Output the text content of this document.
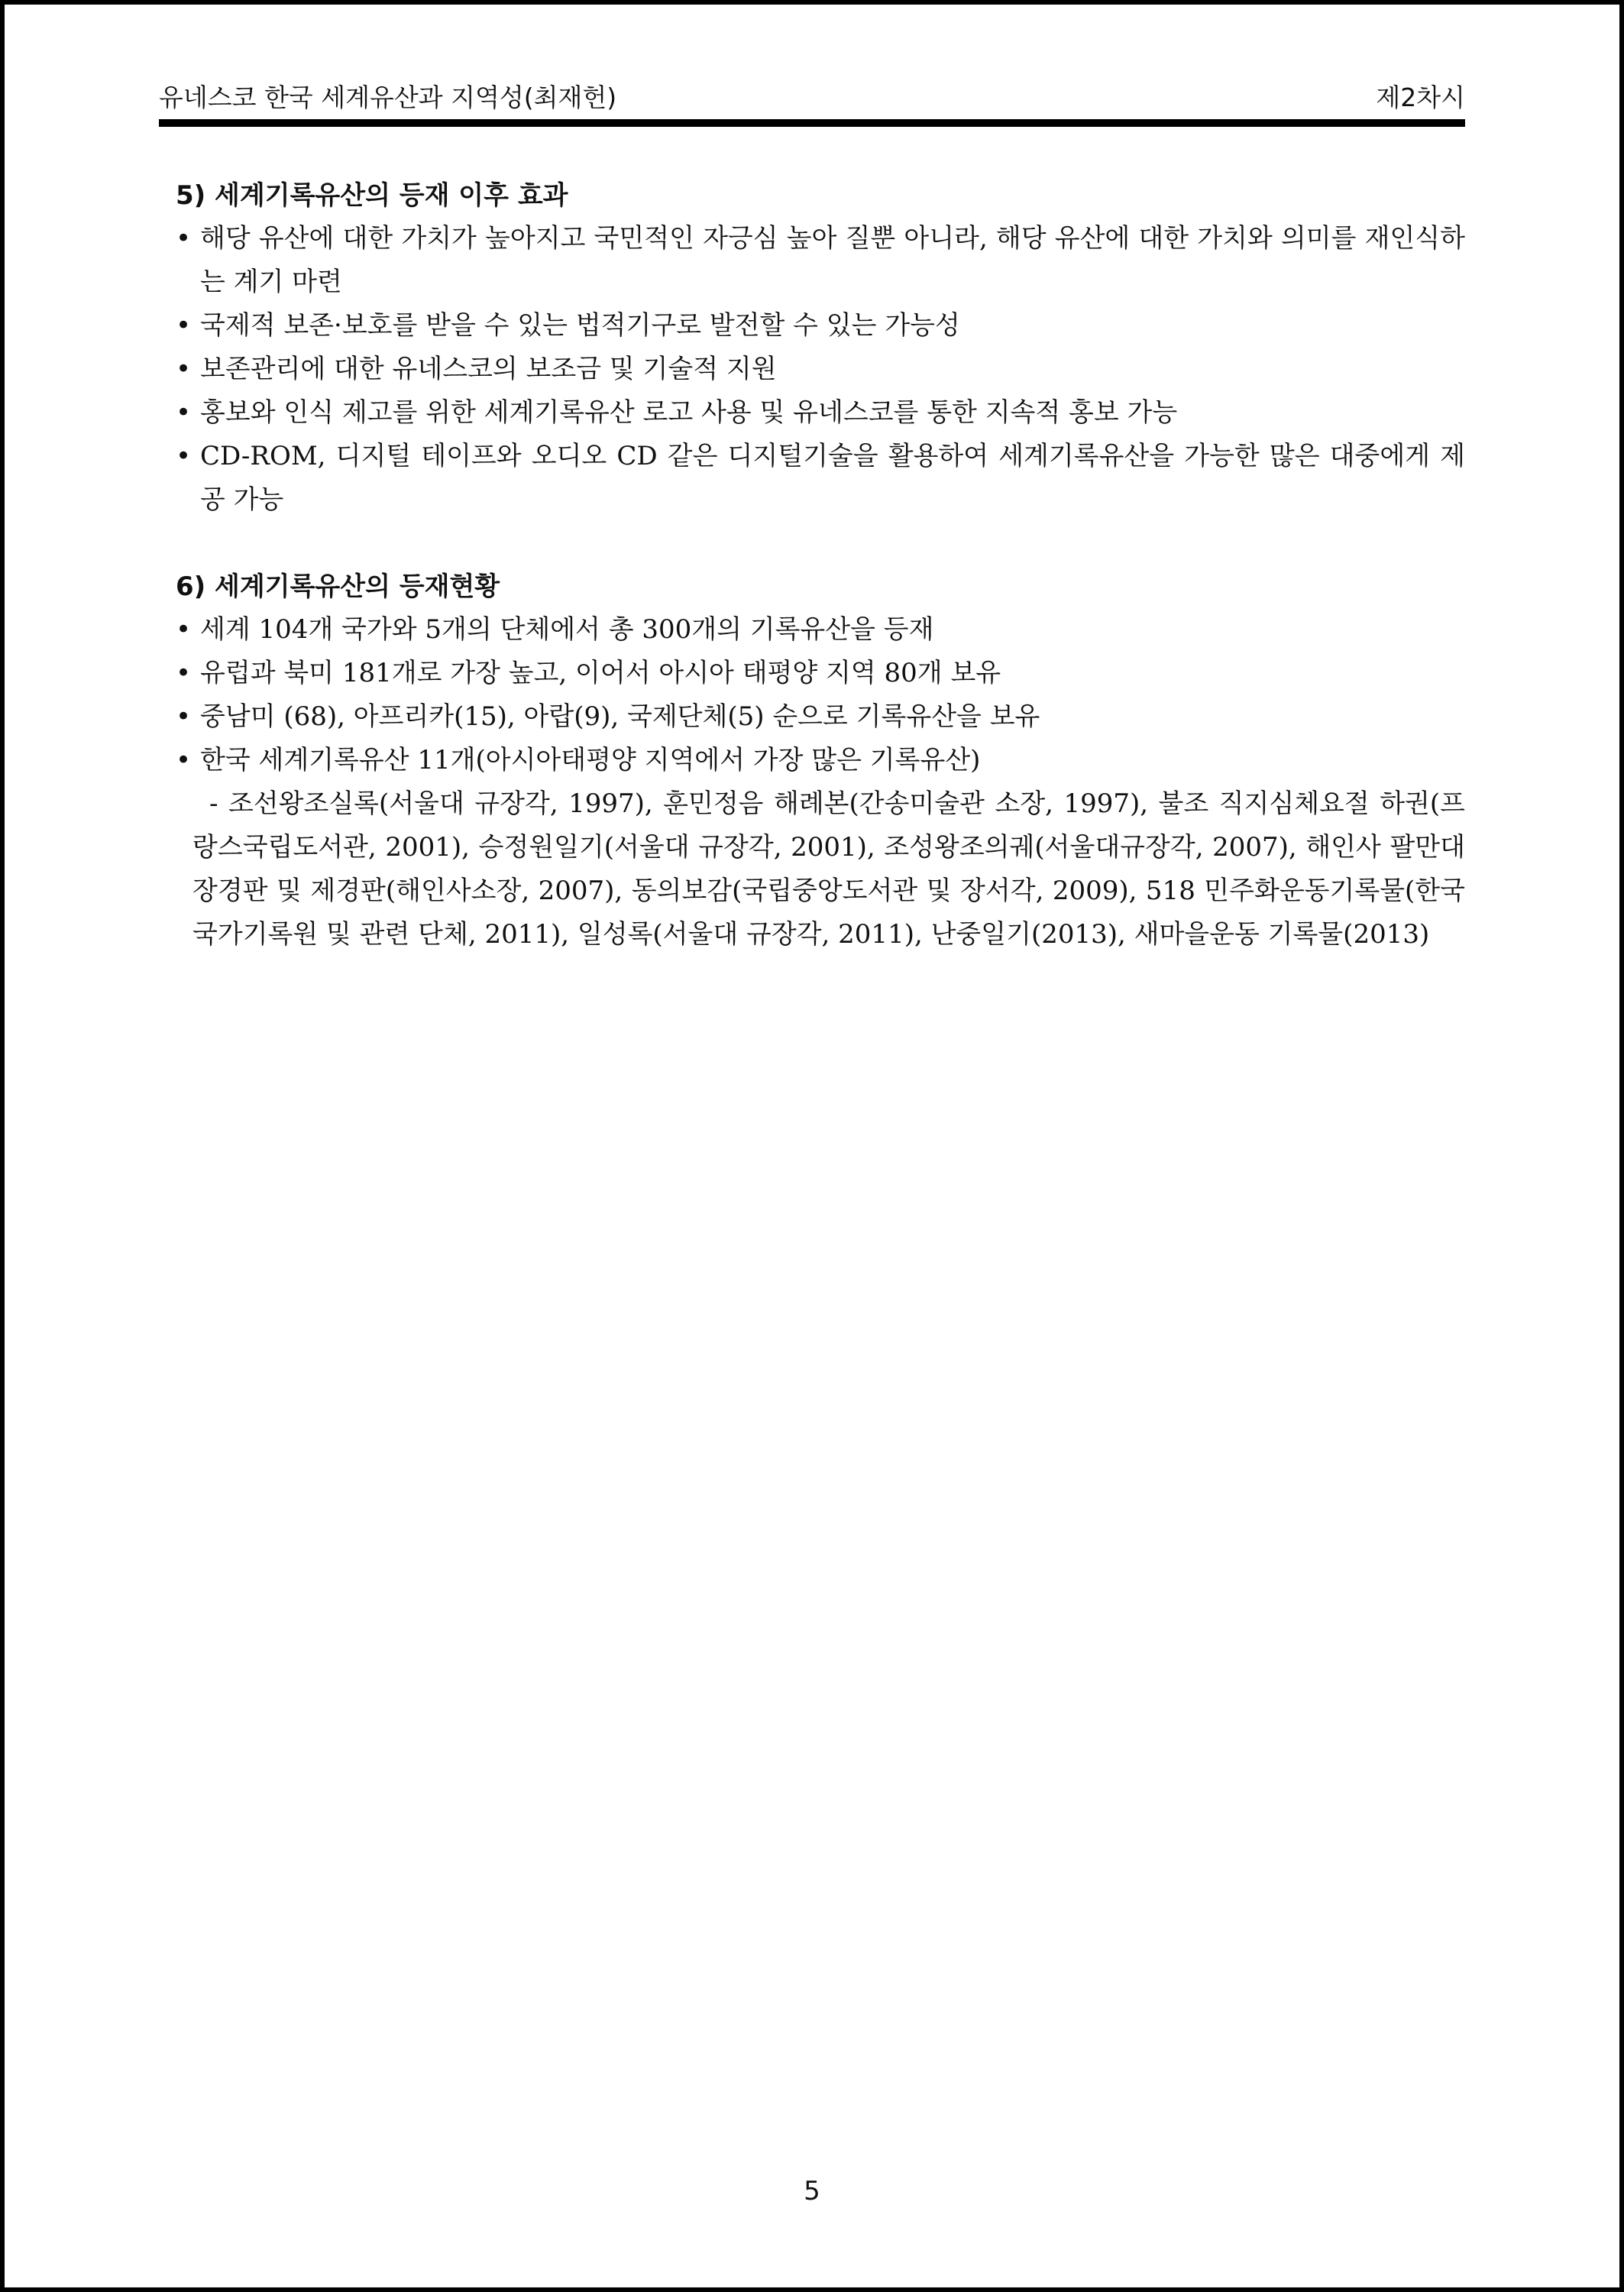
유네스코 한국 세계유산과 지역성(최재헌)	제2차시
5) 세계기록유산의 등재 이후 효과
• 해당 유산에 대한 가치가 높아지고 국민적인 자긍심 높아 질뿐 아니라, 해당 유산에 대한 가치와 의미를 재인식하는 계기 마련
• 국제적 보존·보호를 받을 수 있는 법적기구로 발전할 수 있는 가능성
• 보존관리에 대한 유네스코의 보조금 및 기술적 지원
• 홍보와 인식 제고를 위한 세계기록유산 로고 사용 및 유네스코를 통한 지속적 홍보 가능
• CD-ROM, 디지털 테이프와 오디오 CD 같은 디지털기술을 활용하여 세계기록유산을 가능한 많은 대중에게 제공 가능
6) 세계기록유산의 등재현황
• 세계 104개 국가와 5개의 단체에서 총 300개의 기록유산을 등재
• 유럽과 북미 181개로 가장 높고, 이어서 아시아 태평양 지역 80개 보유
• 중남미 (68), 아프리카(15), 아랍(9), 국제단체(5) 순으로 기록유산을 보유
• 한국 세계기록유산 11개(아시아태평양 지역에서 가장 많은 기록유산)

- 조선왕조실록(서울대 규장각, 1997), 훈민정음 해례본(간송미술관 소장, 1997), 불조 직지심체요절 하권(프랑스국립도서관, 2001), 승정원일기(서울대 규장각, 2001), 조성왕조의궤(서울대규장각, 2007), 해인사 팔만대장경판 및 제경판(해인사소장, 2007), 동의보감(국립중앙도서관 및 장서각, 2009), 518 민주화운동기록물(한국 국가기록원 및 관련 단체, 2011), 일성록(서울대 규장각, 2011), 난중일기(2013), 새마을운동 기록물(2013)

5
